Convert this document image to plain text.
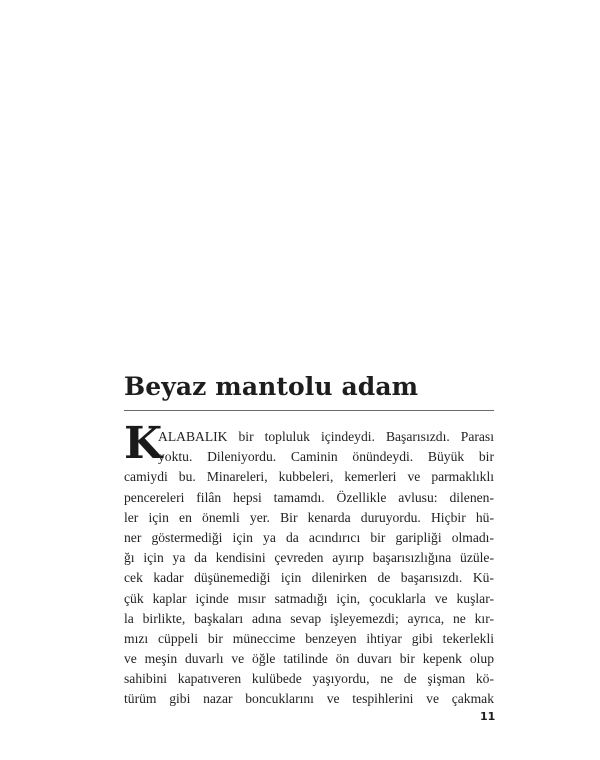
Beyaz mantolu adam
K
ALABALIK bir topluluk içindeydi. Başarısızdı. Parası
yoktu. Dileniyordu. Caminin önündeydi. Büyük bir
camiydi bu. Minareleri, kubbeleri, kemerleri ve parmaklıklı
pencereleri filân hepsi tamamdı. Özellikle avlusu: dilenen-
ler için en önemli yer. Bir kenarda duruyordu. Hiçbir hü-
ner göstermediği için ya da acındırıcı bir garipliği olmadı-
ğı için ya da kendisini çevreden ayırıp başarısızlığına üzüle-
cek kadar düşünemediği için dilenirken de başarısızdı. Kü-
çük kaplar içinde mısır satmadığı için, çocuklarla ve kuşlar-
la birlikte, başkaları adına sevap işleyemezdi; ayrıca, ne kır-
mızı cüppeli bir müneccime benzeyen ihtiyar gibi tekerlekli
ve meşin duvarlı ve öğle tatilinde ön duvarı bir kepenk olup
sahibini kapatıveren kulübede yaşıyordu, ne de şişman kö-
türüm gibi nazar boncuklarını ve tespihlerini ve çakmak
11
